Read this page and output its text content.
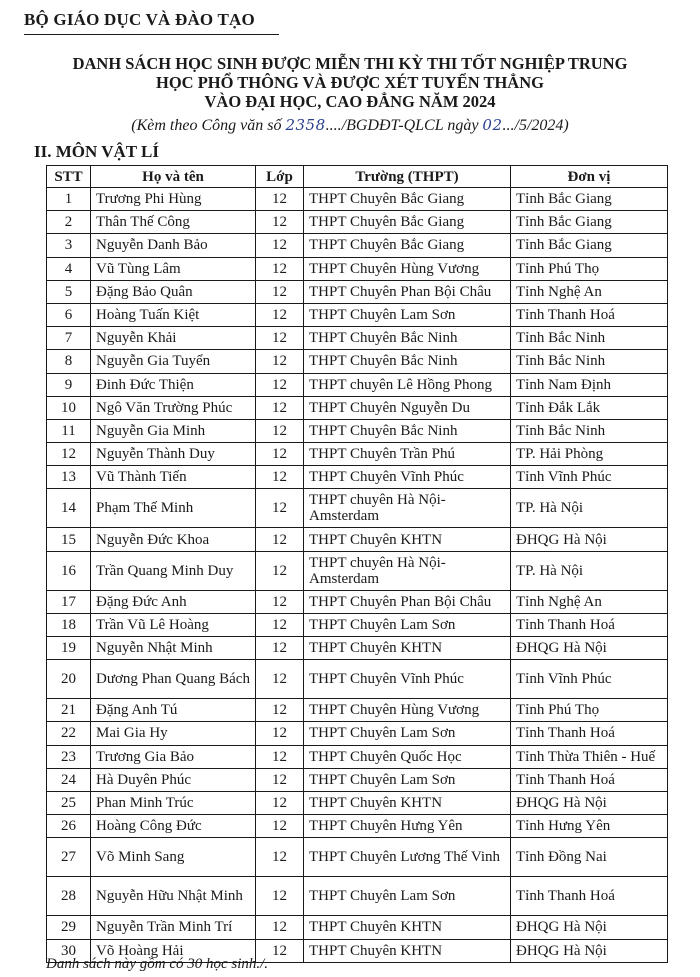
BỘ GIÁO DỤC VÀ ĐÀO TẠO
DANH SÁCH HỌC SINH ĐƯỢC MIỄN THI KỲ THI TỐT NGHIỆP TRUNG
HỌC PHỔ THÔNG VÀ ĐƯỢC XÉT TUYỂN THẲNG
VÀO ĐẠI HỌC, CAO ĐẲNG NĂM 2024
(Kèm theo Công văn số 2358..../BGDĐT-QLCL ngày 02.../5/2024)
II. MÔN VẬT LÍ
STT	Họ và tên	Lớp	Trường (THPT)	Đơn vị
1	Trương Phi Hùng	12	THPT Chuyên Bắc Giang	Tỉnh Bắc Giang
2	Thân Thế Công	12	THPT Chuyên Bắc Giang	Tỉnh Bắc Giang
3	Nguyễn Danh Bảo	12	THPT Chuyên Bắc Giang	Tỉnh Bắc Giang
4	Vũ Tùng Lâm	12	THPT Chuyên Hùng Vương	Tỉnh Phú Thọ
5	Đặng Bảo Quân	12	THPT Chuyên Phan Bội Châu	Tỉnh Nghệ An
6	Hoàng Tuấn Kiệt	12	THPT Chuyên Lam Sơn	Tỉnh Thanh Hoá
7	Nguyễn Khải	12	THPT Chuyên Bắc Ninh	Tỉnh Bắc Ninh
8	Nguyễn Gia Tuyển	12	THPT Chuyên Bắc Ninh	Tỉnh Bắc Ninh
9	Đinh Đức Thiện	12	THPT chuyên Lê Hồng Phong	Tỉnh Nam Định
10	Ngô Văn Trường Phúc	12	THPT Chuyên Nguyễn Du	Tỉnh Đắk Lắk
11	Nguyễn Gia Minh	12	THPT Chuyên Bắc Ninh	Tỉnh Bắc Ninh
12	Nguyễn Thành Duy	12	THPT Chuyên Trần Phú	TP. Hải Phòng
13	Vũ Thành Tiến	12	THPT Chuyên Vĩnh Phúc	Tỉnh Vĩnh Phúc
14	Phạm Thế Minh	12	THPT chuyên Hà Nội-Amsterdam	TP. Hà Nội
15	Nguyễn Đức Khoa	12	THPT Chuyên KHTN	ĐHQG Hà Nội
16	Trần Quang Minh Duy	12	THPT chuyên Hà Nội-Amsterdam	TP. Hà Nội
17	Đặng Đức Anh	12	THPT Chuyên Phan Bội Châu	Tỉnh Nghệ An
18	Trần Vũ Lê Hoàng	12	THPT Chuyên Lam Sơn	Tỉnh Thanh Hoá
19	Nguyễn Nhật Minh	12	THPT Chuyên KHTN	ĐHQG Hà Nội
20	Dương Phan Quang Bách	12	THPT Chuyên Vĩnh Phúc	Tỉnh Vĩnh Phúc
21	Đặng Anh Tú	12	THPT Chuyên Hùng Vương	Tỉnh Phú Thọ
22	Mai Gia Hy	12	THPT Chuyên Lam Sơn	Tỉnh Thanh Hoá
23	Trương Gia Bảo	12	THPT Chuyên Quốc Học	Tỉnh Thừa Thiên - Huế
24	Hà Duyên Phúc	12	THPT Chuyên Lam Sơn	Tỉnh Thanh Hoá
25	Phan Minh Trúc	12	THPT Chuyên KHTN	ĐHQG Hà Nội
26	Hoàng Công Đức	12	THPT Chuyên Hưng Yên	Tỉnh Hưng Yên
27	Võ Minh Sang	12	THPT Chuyên Lương Thế Vinh	Tỉnh Đồng Nai
28	Nguyễn Hữu Nhật Minh	12	THPT Chuyên Lam Sơn	Tỉnh Thanh Hoá
29	Nguyễn Trần Minh Trí	12	THPT Chuyên KHTN	ĐHQG Hà Nội
30	Võ Hoàng Hải	12	THPT Chuyên KHTN	ĐHQG Hà Nội
Danh sách này gồm có 30 học sinh./.
